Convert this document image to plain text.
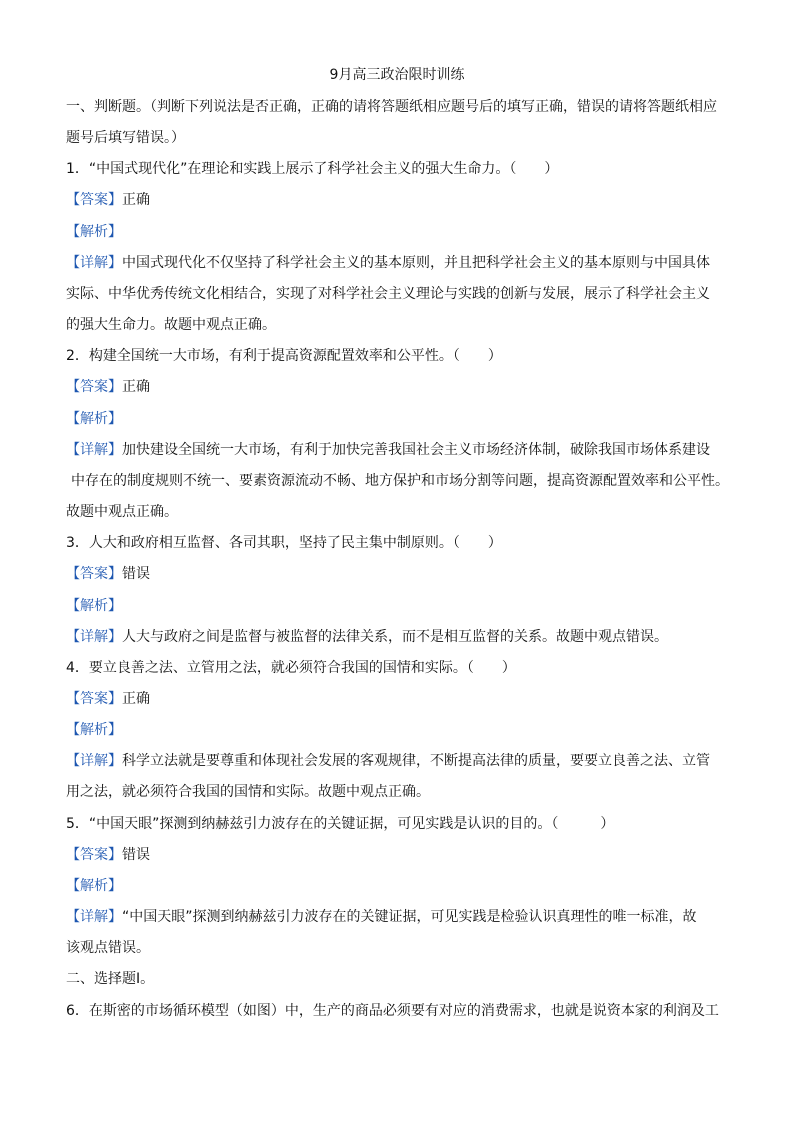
9月高三政治限时训练
一、判断题。（判断下列说法是否正确，正确的请将答题纸相应题号后的填写正确，错误的请将答题纸相应
题号后填写错误。）
1．“中国式现代化”在理论和实践上展示了科学社会主义的强大生命力。（　　）
【答案】正确
【解析】
【详解】中国式现代化不仅坚持了科学社会主义的基本原则，并且把科学社会主义的基本原则与中国具体
实际、中华优秀传统文化相结合，实现了对科学社会主义理论与实践的创新与发展，展示了科学社会主义
的强大生命力。故题中观点正确。
2．构建全国统一大市场，有利于提高资源配置效率和公平性。（　　）
【答案】正确
【解析】
【详解】加快建设全国统一大市场，有利于加快完善我国社会主义市场经济体制，破除我国市场体系建设
中存在的制度规则不统一、要素资源流动不畅、地方保护和市场分割等问题，提高资源配置效率和公平性。
故题中观点正确。
3．人大和政府相互监督、各司其职，坚持了民主集中制原则。（　　）
【答案】错误
【解析】
【详解】人大与政府之间是监督与被监督的法律关系，而不是相互监督的关系。故题中观点错误。
4．要立良善之法、立管用之法，就必须符合我国的国情和实际。（　　）
【答案】正确
【解析】
【详解】科学立法就是要尊重和体现社会发展的客观规律，不断提高法律的质量，要要立良善之法、立管
用之法，就必须符合我国的国情和实际。故题中观点正确。
5．“中国天眼”探测到纳赫兹引力波存在的关键证据，可见实践是认识的目的。（　　　）
【答案】错误
【解析】
【详解】“中国天眼”探测到纳赫兹引力波存在的关键证据，可见实践是检验认识真理性的唯一标准，故
该观点错误。
二、选择题Ⅰ。
6．在斯密的市场循环模型（如图）中，生产的商品必须要有对应的消费需求，也就是说资本家的利润及工
